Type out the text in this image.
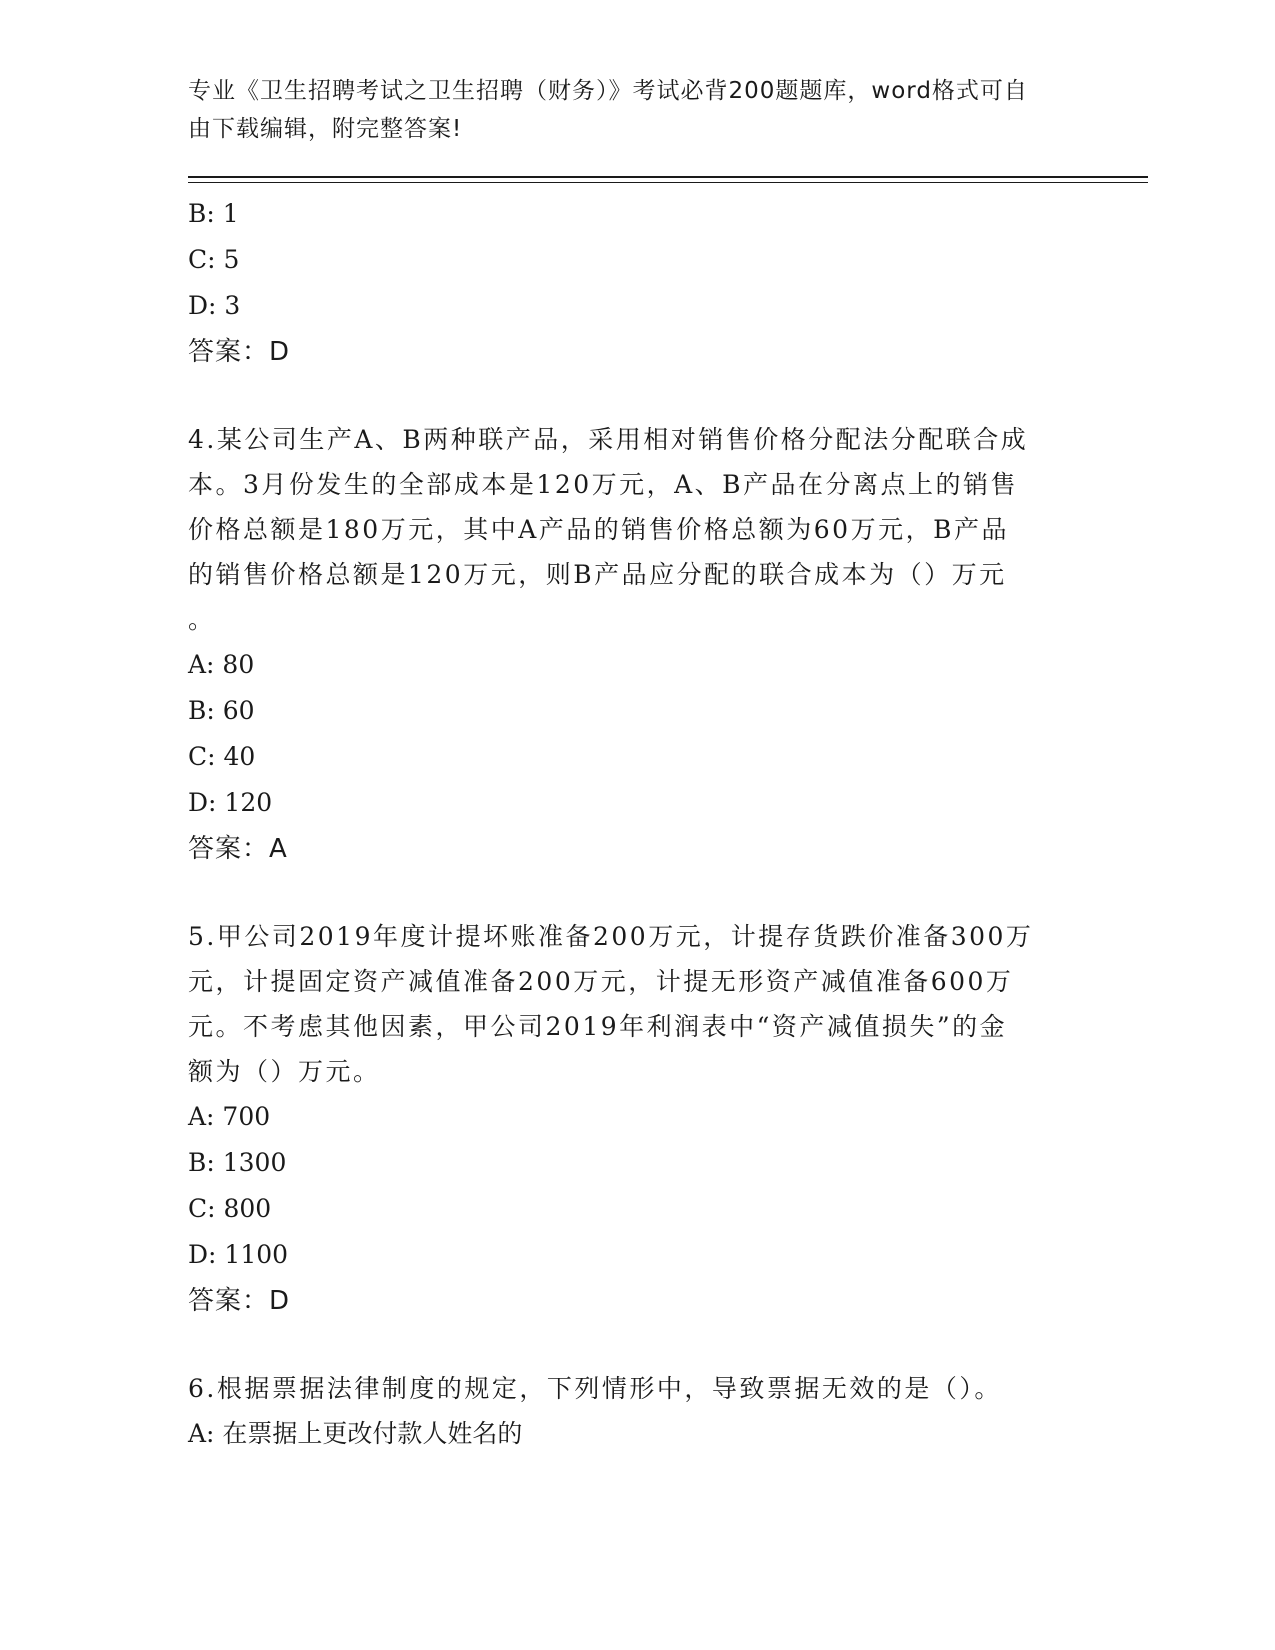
专业《卫生招聘考试之卫生招聘（财务）》考试必背200题题库，word格式可自
由下载编辑，附完整答案!
B: 1
C: 5
D: 3
答案：D
4.某公司生产A、B两种联产品，采用相对销售价格分配法分配联合成
本。3月份发生的全部成本是120万元，A、B产品在分离点上的销售
价格总额是180万元，其中A产品的销售价格总额为60万元，B产品
的销售价格总额是120万元，则B产品应分配的联合成本为（）万元
。
A: 80
B: 60
C: 40
D: 120
答案：A
5.甲公司2019年度计提坏账准备200万元，计提存货跌价准备300万
元，计提固定资产减值准备200万元，计提无形资产减值准备600万
元。不考虑其他因素，甲公司2019年利润表中“资产减值损失”的金
额为（）万元。
A: 700
B: 1300
C: 800
D: 1100
答案：D
6.根据票据法律制度的规定，下列情形中，导致票据无效的是（）。
A: 在票据上更改付款人姓名的
